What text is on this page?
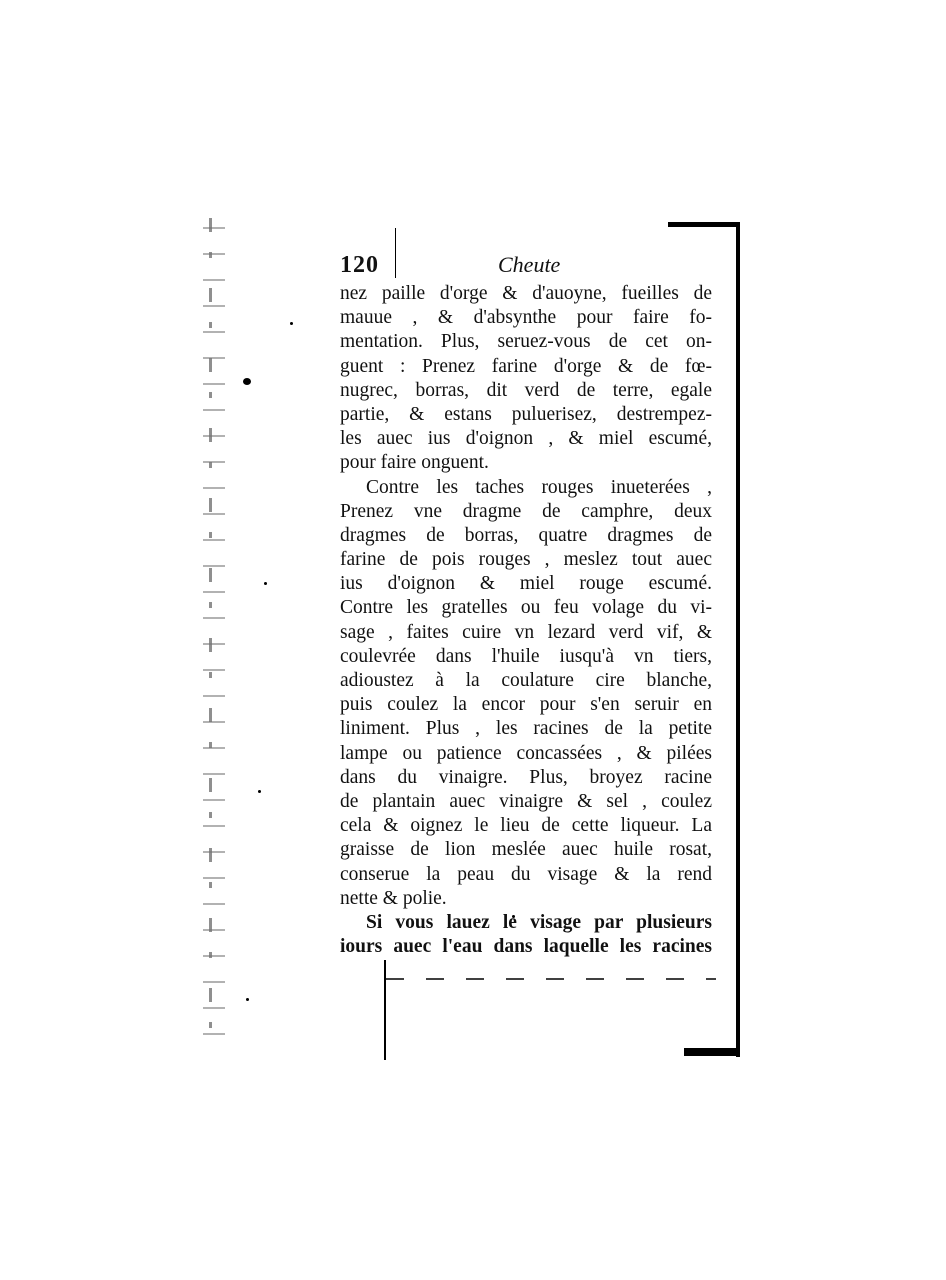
120	Cheute
nez paille d'orge & d'auoyne, fueilles de
mauue , & d'absynthe pour faire fo-
mentation. Plus, seruez-vous de cet on-
guent : Prenez farine d'orge & de fœ-
nugrec, borras, dit verd de terre, egale
partie, & estans puluerisez, destrempez-
les auec ius d'oignon , & miel escumé,
pour faire onguent.
Contre les taches rouges inueterées ,
Prenez vne dragme de camphre, deux
dragmes de borras, quatre dragmes de
farine de pois rouges , meslez tout auec
ius d'oignon & miel rouge escumé.
Contre les gratelles ou feu volage du vi-
sage , faites cuire vn lezard verd vif, &
coulevrée dans l'huile iusqu'à vn tiers,
adioustez à la coulature cire blanche,
puis coulez la encor pour s'en seruir en
liniment. Plus , les racines de la petite
lampe ou patience concassées , & pilées
dans du vinaigre. Plus, broyez racine
de plantain auec vinaigre & sel , coulez
cela & oignez le lieu de cette liqueur. La
graisse de lion meslée auec huile rosat,
conserue la peau du visage & la rend
nette & polie.
Si vous lauez le visage par plusieurs
iours auec l'eau dans laquelle les racines
